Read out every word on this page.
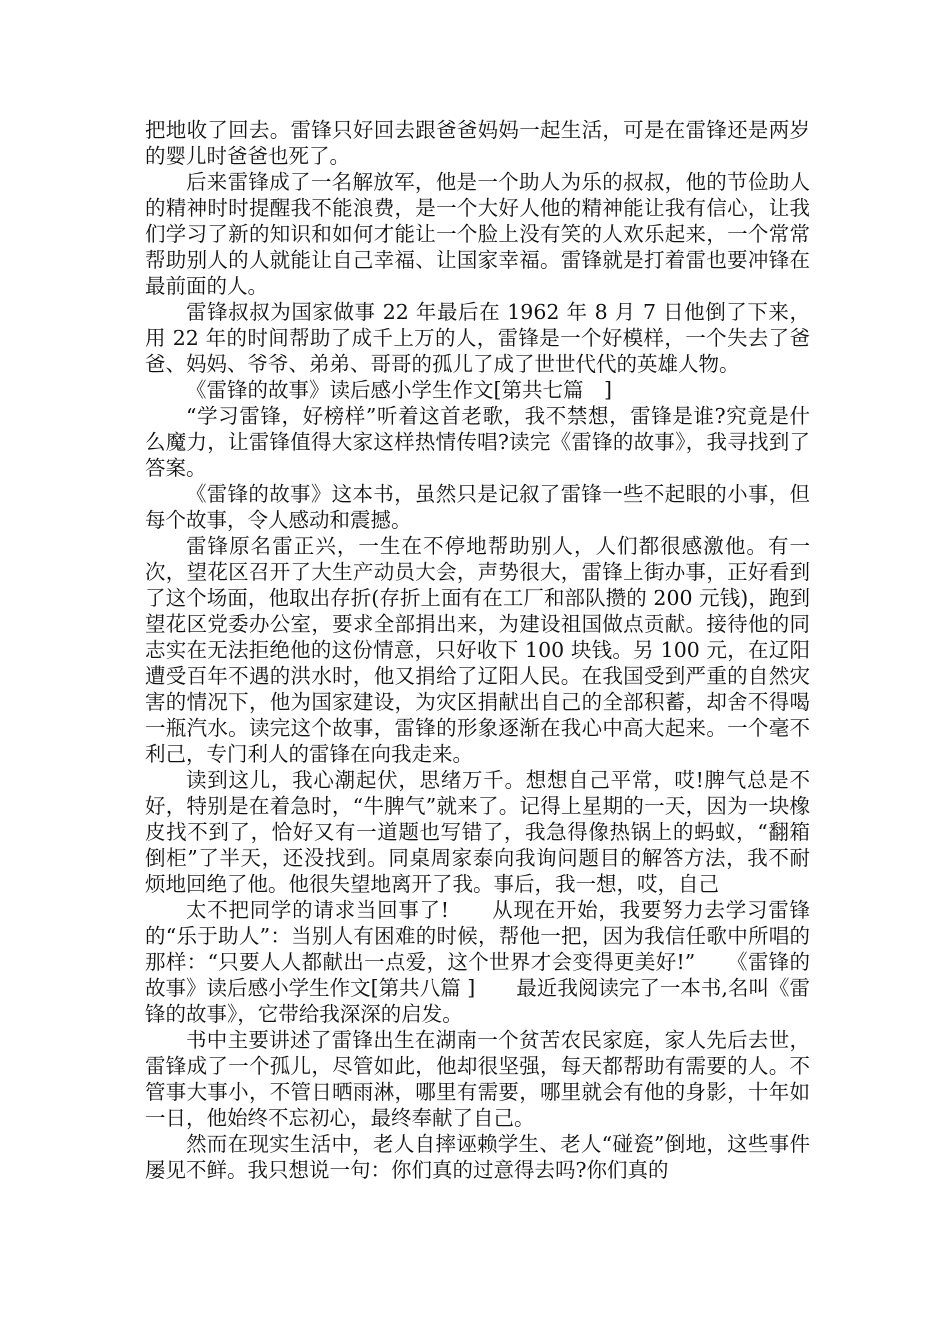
把地收了回去。雷锋只好回去跟爸爸妈妈一起生活，可是在雷锋还是两岁的婴儿时爸爸也死了。

后来雷锋成了一名解放军，他是一个助人为乐的叔叔，他的节俭助人的精神时时提醒我不能浪费，是一个大好人他的精神能让我有信心，让我们学习了新的知识和如何才能让一个脸上没有笑的人欢乐起来，一个常常帮助别人的人就能让自己幸福、让国家幸福。雷锋就是打着雷也要冲锋在最前面的人。

雷锋叔叔为国家做事 22 年最后在 1962 年 8 月 7 日他倒了下来，用 22 年的时间帮助了成千上万的人，雷锋是一个好模样，一个失去了爸爸、妈妈、爷爷、弟弟、哥哥的孤儿了成了世世代代的英雄人物。

《雷锋的故事》读后感小学生作文[第共七篇　]

“学习雷锋，好榜样”听着这首老歌，我不禁想，雷锋是谁?究竟是什么魔力，让雷锋值得大家这样热情传唱?读完《雷锋的故事》，我寻找到了答案。

《雷锋的故事》这本书，虽然只是记叙了雷锋一些不起眼的小事，但每个故事，令人感动和震撼。

雷锋原名雷正兴，一生在不停地帮助别人，人们都很感激他。有一次，望花区召开了大生产动员大会，声势很大，雷锋上街办事，正好看到了这个场面，他取出存折(存折上面有在工厂和部队攒的 200 元钱)，跑到望花区党委办公室，要求全部捐出来，为建设祖国做点贡献。接待他的同志实在无法拒绝他的这份情意，只好收下 100 块钱。另 100 元，在辽阳遭受百年不遇的洪水时，他又捐给了辽阳人民。在我国受到严重的自然灾害的情况下，他为国家建设，为灾区捐献出自己的全部积蓄，却舍不得喝一瓶汽水。读完这个故事，雷锋的形象逐渐在我心中高大起来。一个毫不利己，专门利人的雷锋在向我走来。

读到这儿，我心潮起伏，思绪万千。想想自己平常，哎!脾气总是不好，特别是在着急时，“牛脾气”就来了。记得上星期的一天，因为一块橡皮找不到了，恰好又有一道题也写错了，我急得像热锅上的蚂蚁，“翻箱倒柜”了半天，还没找到。同桌周家泰向我询问题目的解答方法，我不耐烦地回绝了他。他很失望地离开了我。事后，我一想，哎，自己

太不把同学的请求当回事了!　　从现在开始，我要努力去学习雷锋的“乐于助人”：当别人有困难的时候，帮他一把，因为我信任歌中所唱的那样：“只要人人都献出一点爱，这个世界才会变得更美好!”　　《雷锋的故事》读后感小学生作文[第共八篇 ]　　最近我阅读完了一本书,名叫《雷锋的故事》，它带给我深深的启发。

书中主要讲述了雷锋出生在湖南一个贫苦农民家庭，家人先后去世，雷锋成了一个孤儿，尽管如此，他却很坚强，每天都帮助有需要的人。不管事大事小，不管日晒雨淋，哪里有需要，哪里就会有他的身影，十年如一日，他始终不忘初心，最终奉献了自己。

然而在现实生活中，老人自摔诬赖学生、老人“碰瓷”倒地，这些事件屡见不鲜。我只想说一句：你们真的过意得去吗?你们真的
